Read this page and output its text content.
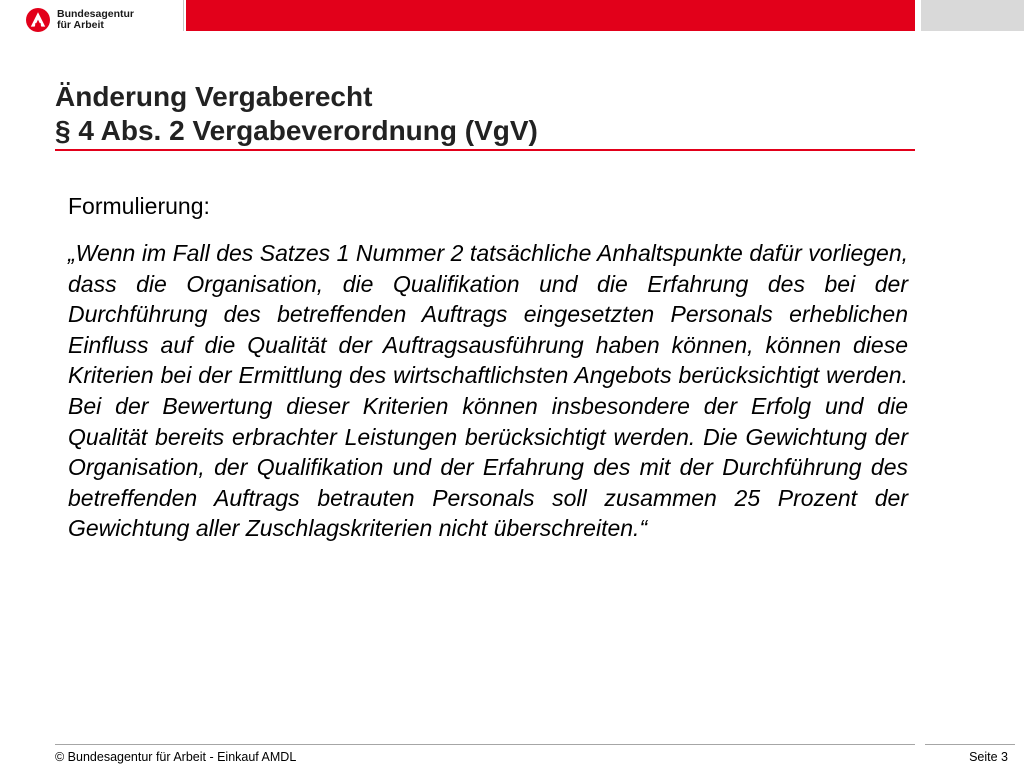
Bundesagentur
für Arbeit
Änderung Vergaberecht
§ 4 Abs. 2 Vergabeverordnung (VgV)

Formulierung:

„Wenn im Fall des Satzes 1 Nummer 2 tatsächliche Anhaltspunkte dafür vorliegen, dass die Organisation, die Qualifikation und die Erfahrung des bei der Durchführung des betreffenden Auftrags eingesetzten Personals erheblichen Einfluss auf die Qualität der Auftragsausführung haben können, können diese Kriterien bei der Ermittlung des wirtschaftlichsten Angebots berücksichtigt werden. Bei der Bewertung dieser Kriterien können insbesondere der Erfolg und die Qualität bereits erbrachter Leistungen berücksichtigt werden. Die Gewichtung der Organisation, der Qualifikation und der Erfahrung des mit der Durchführung des betreffenden Auftrags betrauten Personals soll zusammen 25 Prozent der Gewichtung aller Zuschlagskriterien nicht überschreiten.“

© Bundesagentur für Arbeit - Einkauf AMDL	Seite 3
